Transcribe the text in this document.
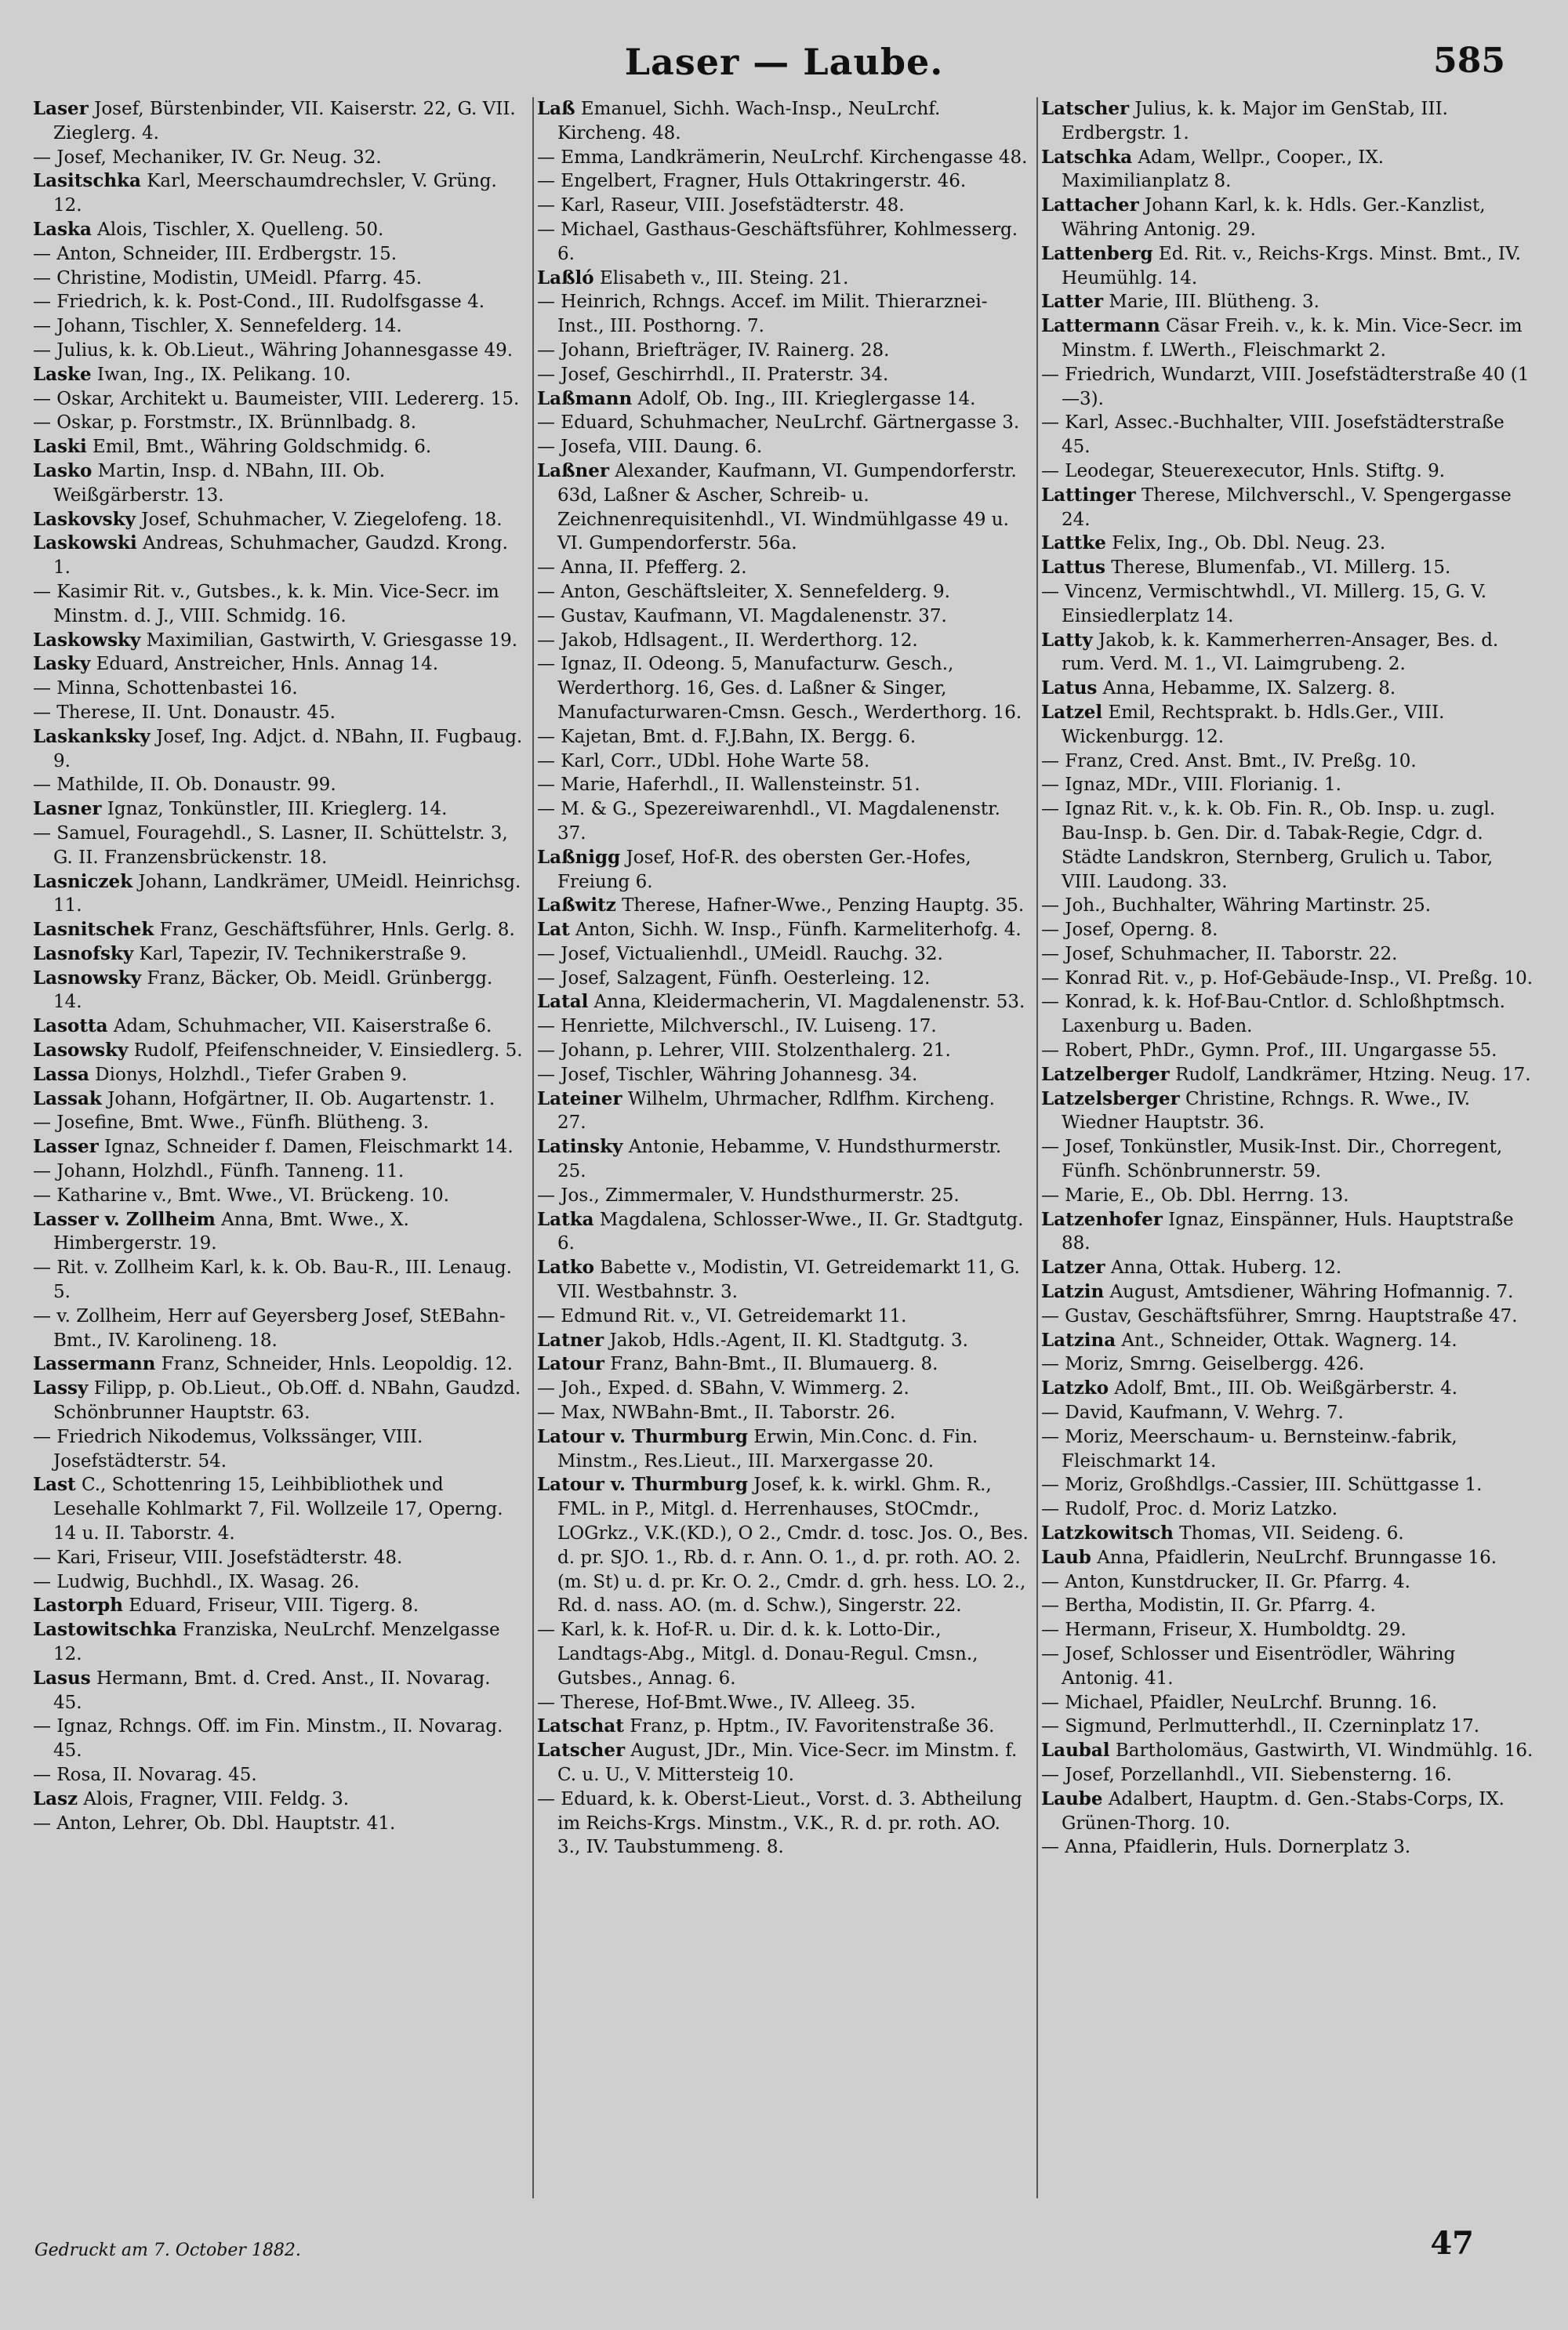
Laser — Laube.	585

Laser Josef, Bürstenbinder, VII. Kaiserstr. 22, G. VII. Zieglerg. 4.

— Josef, Mechaniker, IV. Gr. Neug. 32.

Lasitschka Karl, Meerschaumdrechsler, V. Grüng. 12.

Laska Alois, Tischler, X. Quelleng. 50.

— Anton, Schneider, III. Erdbergstr. 15.

— Christine, Modistin, UMeidl. Pfarrg. 45.

— Friedrich, k. k. Post-Cond., III. Rudolfsgasse 4.

— Johann, Tischler, X. Sennefelderg. 14.

— Julius, k. k. Ob.Lieut., Währing Johannesgasse 49.

Laske Iwan, Ing., IX. Pelikang. 10.

— Oskar, Architekt u. Baumeister, VIII. Ledererg. 15.

— Oskar, p. Forstmstr., IX. Brünnlbadg. 8.

Laski Emil, Bmt., Währing Goldschmidg. 6.

Lasko Martin, Insp. d. NBahn, III. Ob. Weißgärberstr. 13.

Laskovsky Josef, Schuhmacher, V. Ziegelofeng. 18.

Laskowski Andreas, Schuhmacher, Gaudzd. Krong. 1.

— Kasimir Rit. v., Gutsbes., k. k. Min. Vice-Secr. im Minstm. d. J., VIII. Schmidg. 16.

Laskowsky Maximilian, Gastwirth, V. Griesgasse 19.

Lasky Eduard, Anstreicher, Hnls. Annag 14.

— Minna, Schottenbastei 16.

— Therese, II. Unt. Donaustr. 45.

Laskanksky Josef, Ing. Adjct. d. NBahn, II. Fugbaug. 9.

— Mathilde, II. Ob. Donaustr. 99.

Lasner Ignaz, Tonkünstler, III. Krieglerg. 14.

— Samuel, Fouragehdl., S. Lasner, II. Schüttelstr. 3, G. II. Franzensbrückenstr. 18.

Lasniczek Johann, Landkrämer, UMeidl. Heinrichsg. 11.

Lasnitschek Franz, Geschäftsführer, Hnls. Gerlg. 8.

Lasnofsky Karl, Tapezir, IV. Technikerstraße 9.

Lasnowsky Franz, Bäcker, Ob. Meidl. Grünbergg. 14.

Lasotta Adam, Schuhmacher, VII. Kaiserstraße 6.

Lasowsky Rudolf, Pfeifenschneider, V. Einsiedlerg. 5.

Lassa Dionys, Holzhdl., Tiefer Graben 9.

Lassak Johann, Hofgärtner, II. Ob. Augartenstr. 1.

— Josefine, Bmt. Wwe., Fünfh. Blütheng. 3.

Lasser Ignaz, Schneider f. Damen, Fleischmarkt 14.

— Johann, Holzhdl., Fünfh. Tanneng. 11.

— Katharine v., Bmt. Wwe., VI. Brückeng. 10.

Lasser v. Zollheim Anna, Bmt. Wwe., X. Himbergerstr. 19.

— Rit. v. Zollheim Karl, k. k. Ob. Bau-R., III. Lenaug. 5.

— v. Zollheim, Herr auf Geyersberg Josef, StEBahn-Bmt., IV. Karolineng. 18.

Lassermann Franz, Schneider, Hnls. Leopoldig. 12.

Lassy Filipp, p. Ob.Lieut., Ob.Off. d. NBahn, Gaudzd. Schönbrunner Hauptstr. 63.

— Friedrich Nikodemus, Volkssänger, VIII. Josefstädterstr. 54.

Last C., Schottenring 15, Leihbibliothek und Lesehalle Kohlmarkt 7, Fil. Wollzeile 17, Operng. 14 u. II. Taborstr. 4.

— Kari, Friseur, VIII. Josefstädterstr. 48.

— Ludwig, Buchhdl., IX. Wasag. 26.

Lastorph Eduard, Friseur, VIII. Tigerg. 8.

Lastowitschka Franziska, NeuLrchf. Menzelgasse 12.

Lasus Hermann, Bmt. d. Cred. Anst., II. Novarag. 45.

— Ignaz, Rchngs. Off. im Fin. Minstm., II. Novarag. 45.

— Rosa, II. Novarag. 45.

Lasz Alois, Fragner, VIII. Feldg. 3.

— Anton, Lehrer, Ob. Dbl. Hauptstr. 41.

Laß Emanuel, Sichh. Wach-Insp., NeuLrchf. Kircheng. 48.

— Emma, Landkrämerin, NeuLrchf. Kirchengasse 48.

— Engelbert, Fragner, Huls Ottakringerstr. 46.

— Karl, Raseur, VIII. Josefstädterstr. 48.

— Michael, Gasthaus-Geschäftsführer, Kohlmesserg. 6.

Laßló Elisabeth v., III. Steing. 21.

— Heinrich, Rchngs. Accef. im Milit. Thierarznei-Inst., III. Posthorng. 7.

— Johann, Briefträger, IV. Rainerg. 28.

— Josef, Geschirrhdl., II. Praterstr. 34.

Laßmann Adolf, Ob. Ing., III. Krieglergasse 14.

— Eduard, Schuhmacher, NeuLrchf. Gärtnergasse 3.

— Josefa, VIII. Daung. 6.

Laßner Alexander, Kaufmann, VI. Gumpendorferstr. 63d, Laßner & Ascher, Schreib- u. Zeichnenrequisitenhdl., VI. Windmühlgasse 49 u. VI. Gumpendorferstr. 56a.

— Anna, II. Pfefferg. 2.

— Anton, Geschäftsleiter, X. Sennefelderg. 9.

— Gustav, Kaufmann, VI. Magdalenenstr. 37.

— Jakob, Hdlsagent., II. Werderthorg. 12.

— Ignaz, II. Odeong. 5, Manufacturw. Gesch., Werderthorg. 16, Ges. d. Laßner & Singer, Manufacturwaren-Cmsn. Gesch., Werderthorg. 16.

— Kajetan, Bmt. d. F.J.Bahn, IX. Bergg. 6.

— Karl, Corr., UDbl. Hohe Warte 58.

— Marie, Haferhdl., II. Wallensteinstr. 51.

— M. & G., Spezereiwarenhdl., VI. Magdalenenstr. 37.

Laßnigg Josef, Hof-R. des obersten Ger.-Hofes, Freiung 6.

Laßwitz Therese, Hafner-Wwe., Penzing Hauptg. 35.

Lat Anton, Sichh. W. Insp., Fünfh. Karmeliterhofg. 4.

— Josef, Victualienhdl., UMeidl. Rauchg. 32.

— Josef, Salzagent, Fünfh. Oesterleing. 12.

Latal Anna, Kleidermacherin, VI. Magdalenenstr. 53.

— Henriette, Milchverschl., IV. Luiseng. 17.

— Johann, p. Lehrer, VIII. Stolzenthalerg. 21.

— Josef, Tischler, Währing Johannesg. 34.

Lateiner Wilhelm, Uhrmacher, Rdlfhm. Kircheng. 27.

Latinsky Antonie, Hebamme, V. Hundsthurmerstr. 25.

— Jos., Zimmermaler, V. Hundsthurmerstr. 25.

Latka Magdalena, Schlosser-Wwe., II. Gr. Stadtgutg. 6.

Latko Babette v., Modistin, VI. Getreidemarkt 11, G. VII. Westbahnstr. 3.

— Edmund Rit. v., VI. Getreidemarkt 11.

Latner Jakob, Hdls.-Agent, II. Kl. Stadtgutg. 3.

Latour Franz, Bahn-Bmt., II. Blumauerg. 8.

— Joh., Exped. d. SBahn, V. Wimmerg. 2.

— Max, NWBahn-Bmt., II. Taborstr. 26.

Latour v. Thurmburg Erwin, Min.Conc. d. Fin. Minstm., Res.Lieut., III. Marxergasse 20.

Latour v. Thurmburg Josef, k. k. wirkl. Ghm. R., FML. in P., Mitgl. d. Herrenhauses, StOCmdr., LOGrkz., V.K.(KD.), O 2., Cmdr. d. tosc. Jos. O., Bes. d. pr. SJO. 1., Rb. d. r. Ann. O. 1., d. pr. roth. AO. 2. (m. St) u. d. pr. Kr. O. 2., Cmdr. d. grh. hess. LO. 2., Rd. d. nass. AO. (m. d. Schw.), Singerstr. 22.

— Karl, k. k. Hof-R. u. Dir. d. k. k. Lotto-Dir., Landtags-Abg., Mitgl. d. Donau-Regul. Cmsn., Gutsbes., Annag. 6.

— Therese, Hof-Bmt.Wwe., IV. Alleeg. 35.

Latschat Franz, p. Hptm., IV. Favoritenstraße 36.

Latscher August, JDr., Min. Vice-Secr. im Minstm. f. C. u. U., V. Mittersteig 10.

— Eduard, k. k. Oberst-Lieut., Vorst. d. 3. Abtheilung im Reichs-Krgs. Minstm., V.K., R. d. pr. roth. AO. 3., IV. Taubstummeng. 8.

Latscher Julius, k. k. Major im GenStab, III. Erdbergstr. 1.

Latschka Adam, Wellpr., Cooper., IX. Maximilianplatz 8.

Lattacher Johann Karl, k. k. Hdls. Ger.-Kanzlist, Währing Antonig. 29.

Lattenberg Ed. Rit. v., Reichs-Krgs. Minst. Bmt., IV. Heumühlg. 14.

Latter Marie, III. Blütheng. 3.

Lattermann Cäsar Freih. v., k. k. Min. Vice-Secr. im Minstm. f. LWerth., Fleischmarkt 2.

— Friedrich, Wundarzt, VIII. Josefstädterstraße 40 (1—3).

— Karl, Assec.-Buchhalter, VIII. Josefstädterstraße 45.

— Leodegar, Steuerexecutor, Hnls. Stiftg. 9.

Lattinger Therese, Milchverschl., V. Spengergasse 24.

Lattke Felix, Ing., Ob. Dbl. Neug. 23.

Lattus Therese, Blumenfab., VI. Millerg. 15.

— Vincenz, Vermischtwhdl., VI. Millerg. 15, G. V. Einsiedlerplatz 14.

Latty Jakob, k. k. Kammerherren-Ansager, Bes. d. rum. Verd. M. 1., VI. Laimgrubeng. 2.

Latus Anna, Hebamme, IX. Salzerg. 8.

Latzel Emil, Rechtsprakt. b. Hdls.Ger., VIII. Wickenburgg. 12.

— Franz, Cred. Anst. Bmt., IV. Preßg. 10.

— Ignaz, MDr., VIII. Florianig. 1.

— Ignaz Rit. v., k. k. Ob. Fin. R., Ob. Insp. u. zugl. Bau-Insp. b. Gen. Dir. d. Tabak-Regie, Cdgr. d. Städte Landskron, Sternberg, Grulich u. Tabor, VIII. Laudong. 33.

— Joh., Buchhalter, Währing Martinstr. 25.

— Josef, Operng. 8.

— Josef, Schuhmacher, II. Taborstr. 22.

— Konrad Rit. v., p. Hof-Gebäude-Insp., VI. Preßg. 10.

— Konrad, k. k. Hof-Bau-Cntlor. d. Schloßhptmsch. Laxenburg u. Baden.

— Robert, PhDr., Gymn. Prof., III. Ungargasse 55.

Latzelberger Rudolf, Landkrämer, Htzing. Neug. 17.

Latzelsberger Christine, Rchngs. R. Wwe., IV. Wiedner Hauptstr. 36.

— Josef, Tonkünstler, Musik-Inst. Dir., Chorregent, Fünfh. Schönbrunnerstr. 59.

— Marie, E., Ob. Dbl. Herrng. 13.

Latzenhofer Ignaz, Einspänner, Huls. Hauptstraße 88.

Latzer Anna, Ottak. Huberg. 12.

Latzin August, Amtsdiener, Währing Hofmannig. 7.

— Gustav, Geschäftsführer, Smrng. Hauptstraße 47.

Latzina Ant., Schneider, Ottak. Wagnerg. 14.

— Moriz, Smrng. Geiselbergg. 426.

Latzko Adolf, Bmt., III. Ob. Weißgärberstr. 4.

— David, Kaufmann, V. Wehrg. 7.

— Moriz, Meerschaum- u. Bernsteinw.-fabrik, Fleischmarkt 14.

— Moriz, Großhdlgs.-Cassier, III. Schüttgasse 1.

— Rudolf, Proc. d. Moriz Latzko.

Latzkowitsch Thomas, VII. Seideng. 6.

Laub Anna, Pfaidlerin, NeuLrchf. Brunngasse 16.

— Anton, Kunstdrucker, II. Gr. Pfarrg. 4.

— Bertha, Modistin, II. Gr. Pfarrg. 4.

— Hermann, Friseur, X. Humboldtg. 29.

— Josef, Schlosser und Eisentrödler, Währing Antonig. 41.

— Michael, Pfaidler, NeuLrchf. Brunng. 16.

— Sigmund, Perlmutterhdl., II. Czerninplatz 17.

Laubal Bartholomäus, Gastwirth, VI. Windmühlg. 16.

— Josef, Porzellanhdl., VII. Siebensterng. 16.

Laube Adalbert, Hauptm. d. Gen.-Stabs-Corps, IX. Grünen-Thorg. 10.

— Anna, Pfaidlerin, Huls. Dornerplatz 3.

Gedruckt am 7. October 1882.	47
